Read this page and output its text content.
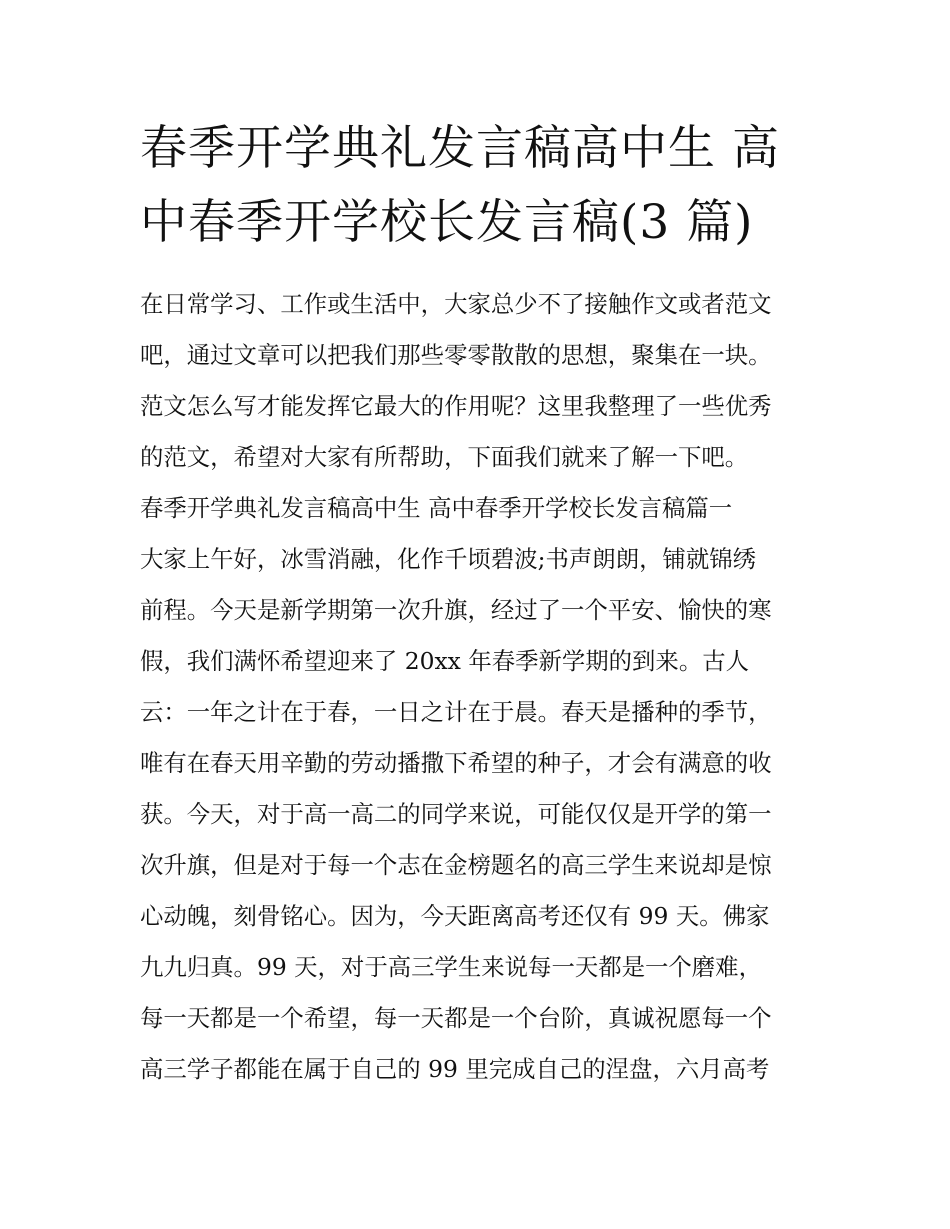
春季开学典礼发言稿高中生 高
中春季开学校长发言稿(3 篇)
在日常学习、工作或生活中，大家总少不了接触作文或者范文
吧，通过文章可以把我们那些零零散散的思想，聚集在一块。
范文怎么写才能发挥它最大的作用呢？这里我整理了一些优秀
的范文，希望对大家有所帮助，下面我们就来了解一下吧。
春季开学典礼发言稿高中生 高中春季开学校长发言稿篇一
大家上午好，冰雪消融，化作千顷碧波;书声朗朗，铺就锦绣
前程。今天是新学期第一次升旗，经过了一个平安、愉快的寒
假，我们满怀希望迎来了 20xx 年春季新学期的到来。古人
云：一年之计在于春，一日之计在于晨。春天是播种的季节，
唯有在春天用辛勤的劳动播撒下希望的种子，才会有满意的收
获。今天，对于高一高二的同学来说，可能仅仅是开学的第一
次升旗，但是对于每一个志在金榜题名的高三学生来说却是惊
心动魄，刻骨铭心。因为，今天距离高考还仅有 99 天。佛家
九九归真。99 天，对于高三学生来说每一天都是一个磨难，
每一天都是一个希望，每一天都是一个台阶，真诚祝愿每一个
高三学子都能在属于自己的 99 里完成自己的涅盘，六月高考
